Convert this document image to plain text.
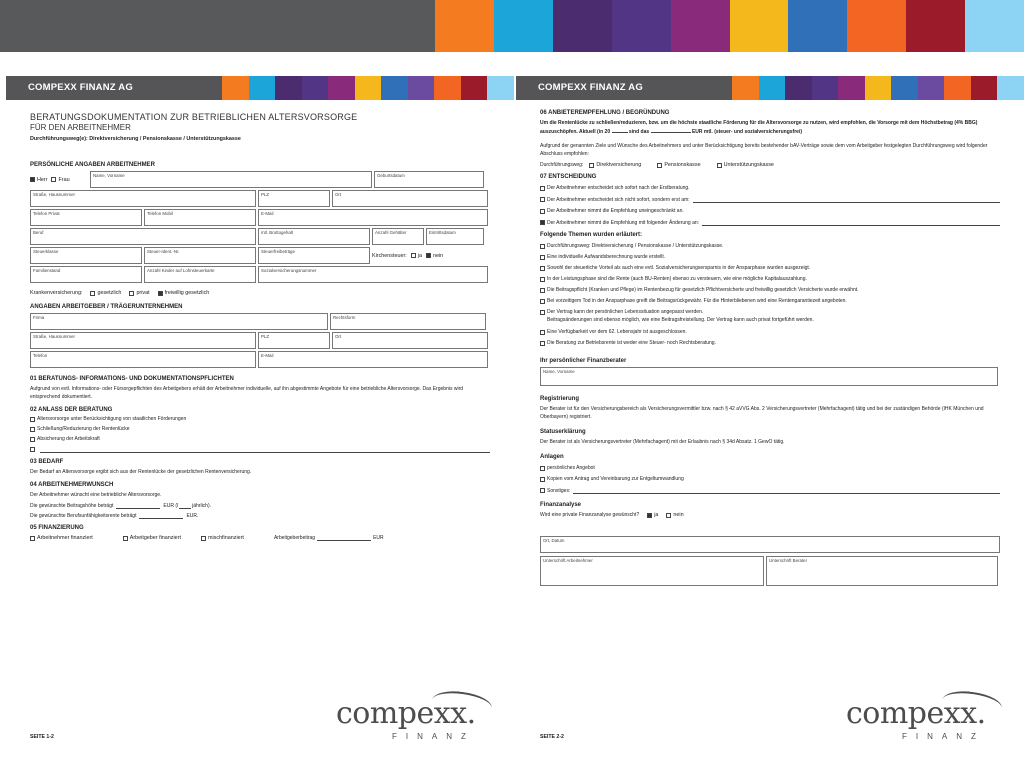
COMPEXX FINANZ AG
BERATUNGSDOKUMENTATION ZUR BETRIEBLICHEN ALTERSVORSORGE
FÜR DEN ARBEITNEHMER
Durchführungsweg(e): Direktversicherung / Pensionskasse / Unterstützungskasse
PERSÖNLICHE ANGABEN ARBEITNEHMER
Herr Frau
Name, Vorname	Geburtsdatum
Straße, Hausnummer	PLZ	Ort
Telefon Privat	Telefon Mobil	E-Mail
Beruf	mtl. Bruttogehalt	Anzahl Gehälter	Eintrittsdatum
Steuerklasse	Steuer-Ident.-Nr.	Steuerfreibeträge
Kirchensteuer: ja nein
Familienstand	Anzahl Kinder auf Lohnsteuerkarte	Sozialversicherungsnummer
Krankenversicherung:	gesetzlich	privat	freiwillig gesetzlich
ANGABEN ARBEITGEBER / TRÄGERUNTERNEHMEN
Firma	Rechtsform
Straße, Hausnummer	PLZ	Ort
Telefon	E-Mail
01 BERATUNGS- INFORMATIONS- UND DOKUMENTATIONSPFLICHTEN
Aufgrund von evtl. Informations- oder Fürsorgepflichten des Arbeitgebers erhält der Arbeitnehmer individuelle, auf ihn abgestimmte Angebote für eine betriebliche Altersvorsorge. Das Ergebnis wird entsprechend dokumentiert.
02 ANLASS DER BERATUNG
Altersvorsorge unter Berücksichtigung von staatlichen Förderungen
Schließung/Reduzierung der Rentenlücke
Absicherung der Arbeitskraft
03 BEDARF
Der Bedarf an Altersvorsorge ergibt sich aus der Rentenlücke der gesetzlichen Rentenversicherung.
04 ARBEITNEHMERWUNSCH
Der Arbeitnehmer wünscht eine betriebliche Altersvorsorge.
Die gewünschte Beitragshöhe beträgt	EUR (l	jährlich).
Die gewünschte Berufsunfähigkeitsrente beträgt	EUR.
05 FINANZIERUNG
Arbeitnehmer finanziert	Arbeitgeber finanziert	mischfinanziert	Arbeitgeberbeitrag	EUR
compexx.
FINANZ
SEITE 1-2
COMPEXX FINANZ AG
06 ANBIETEREMPFEHLUNG / BEGRÜNDUNG
Um die Rentenlücke zu schließen/reduzieren, bzw. um die höchste staatliche Förderung für die Altersvorsorge zu nutzen, wird empfohlen, die Vorsorge mit dem Höchstbetrag (4% BBG) auszuschöpfen. Aktuell (in 20	sind das	EUR mtl. (steuer- und sozialversicherungsfrei)
Aufgrund der genannten Ziele und Wünsche des Arbeitnehmers und unter Berücksichtigung bereits bestehender bAV-Verträge sowie dem vom Arbeitgeber festgelegten Durchführungsweg wird folgender Abschluss empfohlen:
Durchführungsweg: Direktversicherung	Pensionskasse	Unterstützungskasse
07 ENTSCHEIDUNG
Der Arbeitnehmer entscheidet sich sofort nach der Erstberatung.
Der Arbeitnehmer entscheidet sich nicht sofort, sondern erst am:
Der Arbeitnehmer nimmt die Empfehlung uneingeschränkt an.
Der Arbeitnehmer nimmt die Empfehlung mit folgender Änderung an:
Folgende Themen wurden erläutert:
Durchführungsweg: Direktversicherung / Pensionskasse / Unterstützungskasse.
Eine individuelle Aufwandsberechnung wurde erstellt.
Sowohl der steuerliche Vorteil als auch eine evtl. Sozialversicherungsersparnis in der Ansparphase wurden ausgezeigt.
In der Leistungsphase sind die Rente (auch BU-Renten) ebenso zu versteuern, wie eine mögliche Kapitalauszahlung.
Die Beitragspflicht (Kranken und Pflege) im Rentenbezug für gesetzlich Pflichtversicherte und freiwillig gesetzlich Versicherte wurde erwähnt.
Bei vorzeitigem Tod in der Ansparphase greift die Beitragsrückgewähr. Für die Hinterbliebenen wird eine Rentengarantiezeit angeboten.
Der Vertrag kann der persönlichen Lebenssituation angepasst werden.
Beitragsänderungen sind ebenso möglich, wie eine Beitragsfreistellung. Der Vertrag kann auch privat fortgeführt werden.
Eine Verfügbarkeit vor dem 62. Lebensjahr ist ausgeschlossen.
Die Beratung zur Betriebsrente ist weder eine Steuer- noch Rechtsberatung.
Ihr persönlicher Finanzberater
Name, Vorname
Registrierung
Der Berater ist für den Versicherungsbereich als Versicherungsvermittler bzw. nach § 42 aVVG Abs. 2 Versicherungsvertreter (Mehrfachagent) tätig und bei der zuständigen Behörde (IHK München und Oberbayern) registriert.
Statuserklärung
Der Berater ist als Versicherungsvertreter (Mehrfachagent) mit der Erlaubnis nach § 34d Absatz. 1 GewO tätig.
Anlagen
persönliches Angebot
Kopien vom Antrag und Vereinbarung zur Entgeltumwandlung
Sonstiges:
Finanzanalyse
Wird eine private Finanzanalyse gewünscht?	ja	nein
Ort, Datum
Unterschrift Arbeitnehmer	Unterschrift Berater
compexx.
FINANZ
SEITE 2-2
